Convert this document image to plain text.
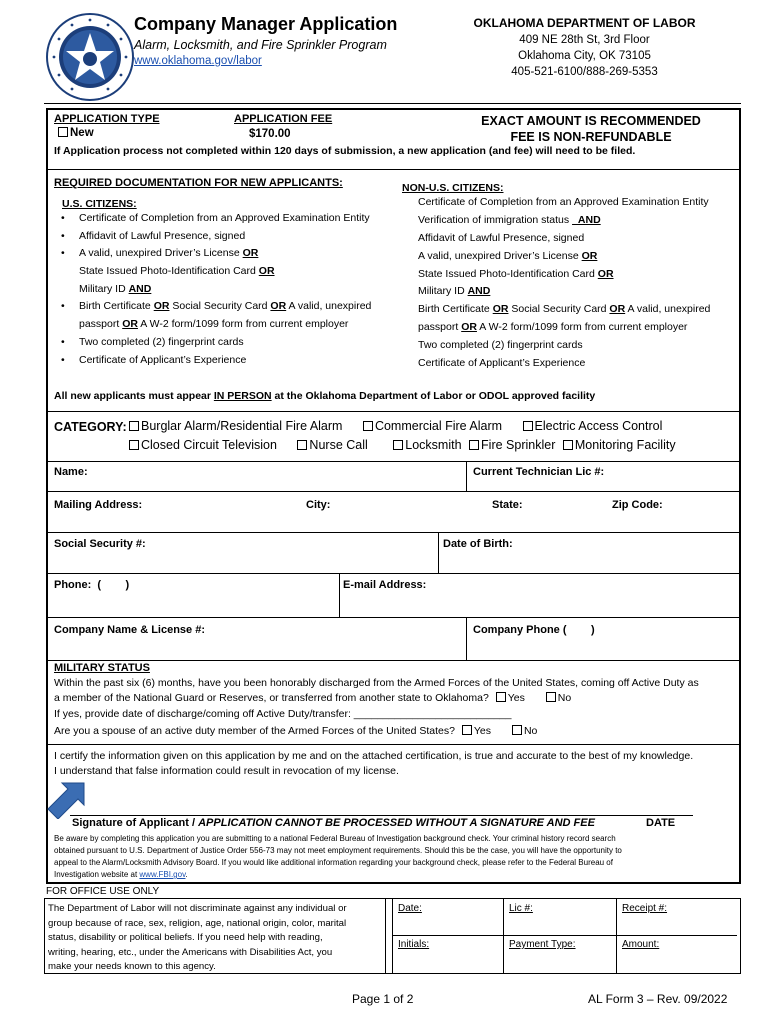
Company Manager Application
Alarm, Locksmith, and Fire Sprinkler Program
www.oklahoma.gov/labor
OKLAHOMA DEPARTMENT OF LABOR
409 NE 28th St, 3rd Floor
Oklahoma City, OK 73105
405-521-6100/888-269-5353
APPLICATION TYPE
New
APPLICATION FEE
$170.00
EXACT AMOUNT IS RECOMMENDED
FEE IS NON-REFUNDABLE
If Application process not completed within 120 days of submission, a new application (and fee) will need to be filed.
REQUIRED DOCUMENTATION FOR NEW APPLICANTS:
U.S. CITIZENS:
• Certificate of Completion from an Approved Examination Entity
• Affidavit of Lawful Presence, signed
• A valid, unexpired Driver’s License OR
State Issued Photo-Identification Card OR
Military ID AND
• Birth Certificate OR Social Security Card OR A valid, unexpired
passport OR A W-2 form/1099 form from current employer
• Two completed (2) fingerprint cards
• Certificate of Applicant’s Experience
NON-U.S. CITIZENS:
Certificate of Completion from an Approved Examination Entity
Verification of immigration status _AND
Affidavit of Lawful Presence, signed
A valid, unexpired Driver’s License OR
State Issued Photo-Identification Card OR
Military ID AND
Birth Certificate OR Social Security Card OR A valid, unexpired
passport OR A W-2 form/1099 form from current employer
Two completed (2) fingerprint cards
Certificate of Applicant’s Experience
All new applicants must appear IN PERSON at the Oklahoma Department of Labor or ODOL approved facility
CATEGORY:	Burglar Alarm/Residential Fire Alarm	Commercial Fire Alarm	Electric Access Control
Closed Circuit Television	Nurse Call	Locksmith Fire Sprinkler Monitoring Facility
Name:	Current Technician Lic #:
Mailing Address:	City:	State:	Zip Code:
Social Security #:	Date of Birth:
Phone:  (        )	E-mail Address:
Company Name & License #:	Company Phone (        )
MILITARY STATUS
Within the past six (6) months, have you been honorably discharged from the Armed Forces of the United States, coming off Active Duty as
a member of the National Guard or Reserves, or transferred from another state to Oklahoma? Yes	No
If yes, provide date of discharge/coming off Active Duty/transfer: ___________________________
Are you a spouse of an active duty member of the Armed Forces of the United States? Yes	No
I certify the information given on this application by me and on the attached certification, is true and accurate to the best of my knowledge.
I understand that false information could result in revocation of my license.
Signature of Applicant / APPLICATION CANNOT BE PROCESSED WITHOUT A SIGNATURE AND FEE	DATE
Be aware by completing this application you are submitting to a national Federal Bureau of Investigation background check. Your criminal history record search
obtained pursuant to U.S. Department of Justice Order 556-73 may not meet employment requirements. Should this be the case, you will have the opportunity to
appeal to the Alarm/Locksmith Advisory Board. If you would like additional information regarding your background check, please refer to the Federal Bureau of
Investigation website at www.FBI.gov.
FOR OFFICE USE ONLY
Date:	Lic #:	Receipt #:
Initials:	Payment Type:	Amount:
The Department of Labor will not discriminate against any individual or
group because of race, sex, religion, age, national origin, color, marital
status, disability or political beliefs. If you need help with reading,
writing, hearing, etc., under the Americans with Disabilities Act, you
make your needs known to this agency.
Page 1 of 2	AL Form 3 – Rev. 09/2022
